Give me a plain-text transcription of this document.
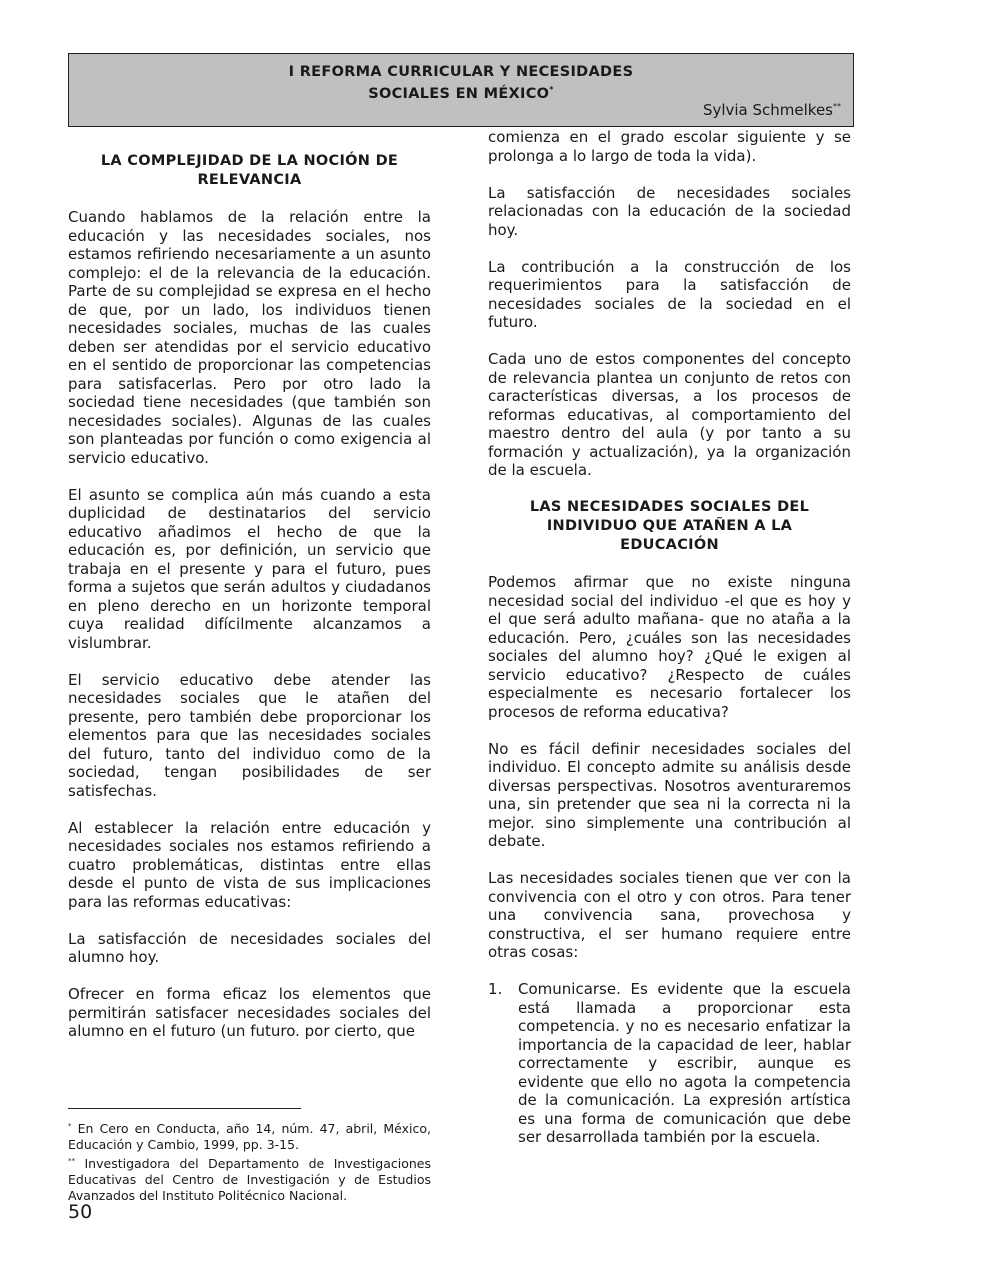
I REFORMA CURRICULAR Y NECESIDADES
SOCIALES EN MÉXICO*
Sylvia Schmelkes**
LA COMPLEJIDAD DE LA NOCIÓN DE RELEVANCIA

Cuando hablamos de la relación entre la educación y las necesidades sociales, nos estamos refiriendo necesariamente a un asunto complejo: el de la relevancia de la educación. Parte de su complejidad se expresa en el hecho de que, por un lado, los individuos tienen necesidades sociales, muchas de las cuales deben ser atendidas por el servicio educativo en el sentido de proporcionar las competencias para satisfacerlas. Pero por otro lado la sociedad tiene necesidades (que también son necesidades sociales). Algunas de las cuales son planteadas por función o como exigencia al servicio educativo.

El asunto se complica aún más cuando a esta duplicidad de destinatarios del servicio educativo añadimos el hecho de que la educación es, por definición, un servicio que trabaja en el presente y para el futuro, pues forma a sujetos que serán adultos y ciudadanos en pleno derecho en un horizonte temporal cuya realidad difícilmente alcanzamos a vislumbrar.

El servicio educativo debe atender las necesidades sociales que le atañen del presente, pero también debe proporcionar los elementos para que las necesidades sociales del futuro, tanto del individuo como de la sociedad, tengan posibilidades de ser satisfechas.

Al establecer la relación entre educación y necesidades sociales nos estamos refiriendo a cuatro problemáticas, distintas entre ellas desde el punto de vista de sus implicaciones para las reformas educativas:

La satisfacción de necesidades sociales del alumno hoy.

Ofrecer en forma eficaz los elementos que permitirán satisfacer necesidades sociales del alumno en el futuro (un futuro. por cierto, que

comienza en el grado escolar siguiente y se prolonga a lo largo de toda la vida).

La satisfacción de necesidades sociales relacionadas con la educación de la sociedad hoy.

La contribución a la construcción de los requerimientos para la satisfacción de necesidades sociales de la sociedad en el futuro.

Cada uno de estos componentes del concepto de relevancia plantea un conjunto de retos con características diversas, a los procesos de reformas educativas, al comportamiento del maestro dentro del aula (y por tanto a su formación y actualización), ya la organización de la escuela.

LAS NECESIDADES SOCIALES DEL
INDIVIDUO QUE ATAÑEN A LA
EDUCACIÓN

Podemos afirmar que no existe ninguna necesidad social del individuo -el que es hoy y el que será adulto mañana- que no ataña a la educación. Pero, ¿cuáles son las necesidades sociales del alumno hoy? ¿Qué le exigen al servicio educativo? ¿Respecto de cuáles especialmente es necesario fortalecer los procesos de reforma educativa?

No es fácil definir necesidades sociales del individuo. El concepto admite su análisis desde diversas perspectivas. Nosotros aventuraremos una, sin pretender que sea ni la correcta ni la mejor. sino simplemente una contribución al debate.

Las necesidades sociales tienen que ver con la convivencia con el otro y con otros. Para tener una convivencia sana, provechosa y constructiva, el ser humano requiere entre otras cosas:

1. Comunicarse. Es evidente que la escuela está llamada a proporcionar esta competencia. y no es necesario enfatizar la importancia de la capacidad de leer, hablar correctamente y escribir, aunque es evidente que ello no agota la competencia de la comunicación. La expresión artística es una forma de comunicación que debe ser desarrollada también por la escuela.

* En Cero en Conducta, año 14, núm. 47, abril, México, Educación y Cambio, 1999, pp. 3-15.

** Investigadora del Departamento de Investigaciones Educativas del Centro de Investigación y de Estudios Avanzados del Instituto Politécnico Nacional.

50
